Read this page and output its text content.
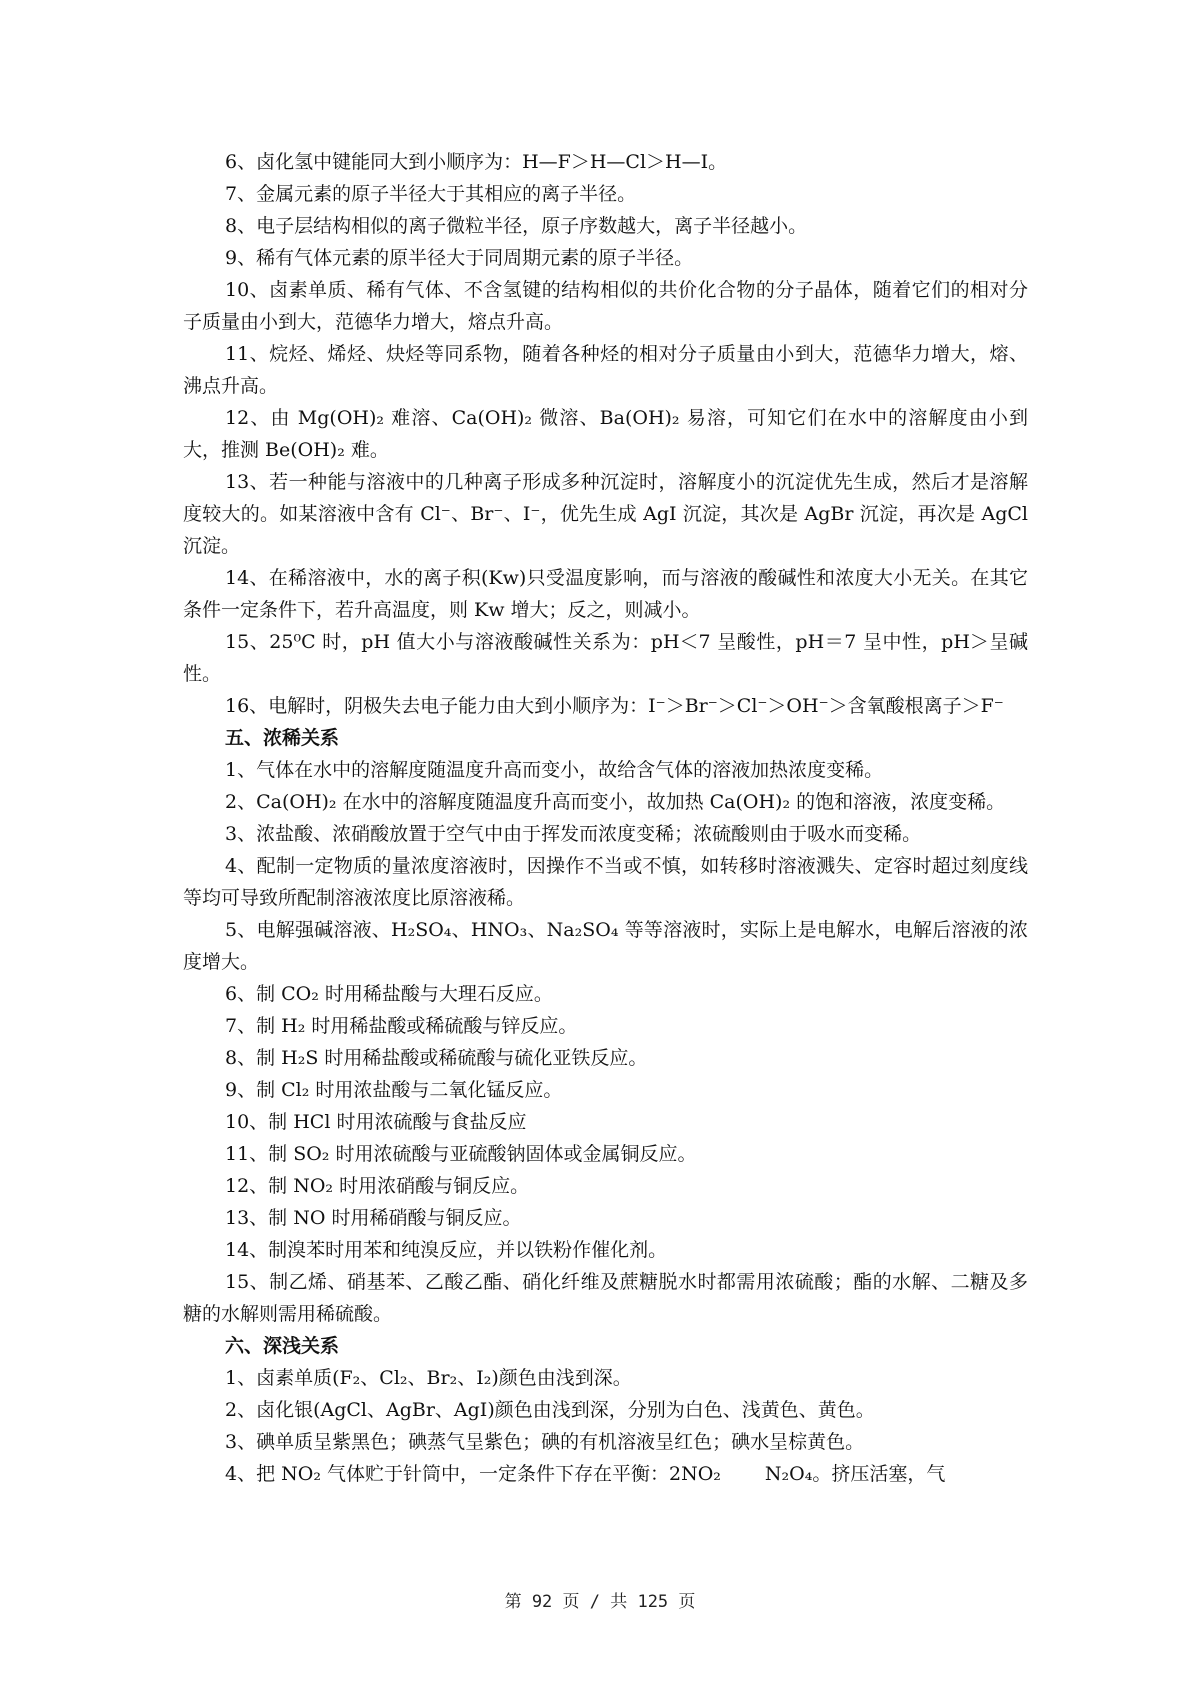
6、卤化氢中键能同大到小顺序为：H—F＞H—Cl＞H—I。

7、金属元素的原子半径大于其相应的离子半径。

8、电子层结构相似的离子微粒半径，原子序数越大，离子半径越小。

9、稀有气体元素的原半径大于同周期元素的原子半径。

10、卤素单质、稀有气体、不含氢键的结构相似的共价化合物的分子晶体，随着它们的相对分子质量由小到大，范德华力增大，熔点升高。

11、烷烃、烯烃、炔烃等同系物，随着各种烃的相对分子质量由小到大，范德华力增大，熔、沸点升高。

12、由 Mg(OH)₂ 难溶、Ca(OH)₂ 微溶、Ba(OH)₂ 易溶，可知它们在水中的溶解度由小到大，推测 Be(OH)₂ 难。

13、若一种能与溶液中的几种离子形成多种沉淀时，溶解度小的沉淀优先生成，然后才是溶解度较大的。如某溶液中含有 Cl⁻、Br⁻、I⁻，优先生成 AgI 沉淀，其次是 AgBr 沉淀，再次是 AgCl 沉淀。

14、在稀溶液中，水的离子积(Kw)只受温度影响，而与溶液的酸碱性和浓度大小无关。在其它条件一定条件下，若升高温度，则 Kw 增大；反之，则减小。

15、25⁰C 时，pH 值大小与溶液酸碱性关系为：pH＜7 呈酸性，pH＝7 呈中性，pH＞呈碱性。

16、电解时，阴极失去电子能力由大到小顺序为：I⁻＞Br⁻＞Cl⁻＞OH⁻＞含氧酸根离子＞F⁻

五、浓稀关系

1、气体在水中的溶解度随温度升高而变小，故给含气体的溶液加热浓度变稀。

2、Ca(OH)₂ 在水中的溶解度随温度升高而变小，故加热 Ca(OH)₂ 的饱和溶液，浓度变稀。

3、浓盐酸、浓硝酸放置于空气中由于挥发而浓度变稀；浓硫酸则由于吸水而变稀。

4、配制一定物质的量浓度溶液时，因操作不当或不慎，如转移时溶液溅失、定容时超过刻度线等均可导致所配制溶液浓度比原溶液稀。

5、电解强碱溶液、H₂SO₄、HNO₃、Na₂SO₄ 等等溶液时，实际上是电解水，电解后溶液的浓度增大。

6、制 CO₂ 时用稀盐酸与大理石反应。

7、制 H₂ 时用稀盐酸或稀硫酸与锌反应。

8、制 H₂S 时用稀盐酸或稀硫酸与硫化亚铁反应。

9、制 Cl₂ 时用浓盐酸与二氧化锰反应。

10、制 HCl 时用浓硫酸与食盐反应

11、制 SO₂ 时用浓硫酸与亚硫酸钠固体或金属铜反应。

12、制 NO₂ 时用浓硝酸与铜反应。

13、制 NO 时用稀硝酸与铜反应。

14、制溴苯时用苯和纯溴反应，并以铁粉作催化剂。

15、制乙烯、硝基苯、乙酸乙酯、硝化纤维及蔗糖脱水时都需用浓硫酸；酯的水解、二糖及多糖的水解则需用稀硫酸。

六、深浅关系

1、卤素单质(F₂、Cl₂、Br₂、I₂)颜色由浅到深。

2、卤化银(AgCl、AgBr、AgI)颜色由浅到深，分别为白色、浅黄色、黄色。

3、碘单质呈紫黑色；碘蒸气呈紫色；碘的有机溶液呈红色；碘水呈棕黄色。

4、把 NO₂ 气体贮于针筒中，一定条件下存在平衡：2NO₂　　 N₂O₄。挤压活塞，气

第 92 页 / 共 125 页
